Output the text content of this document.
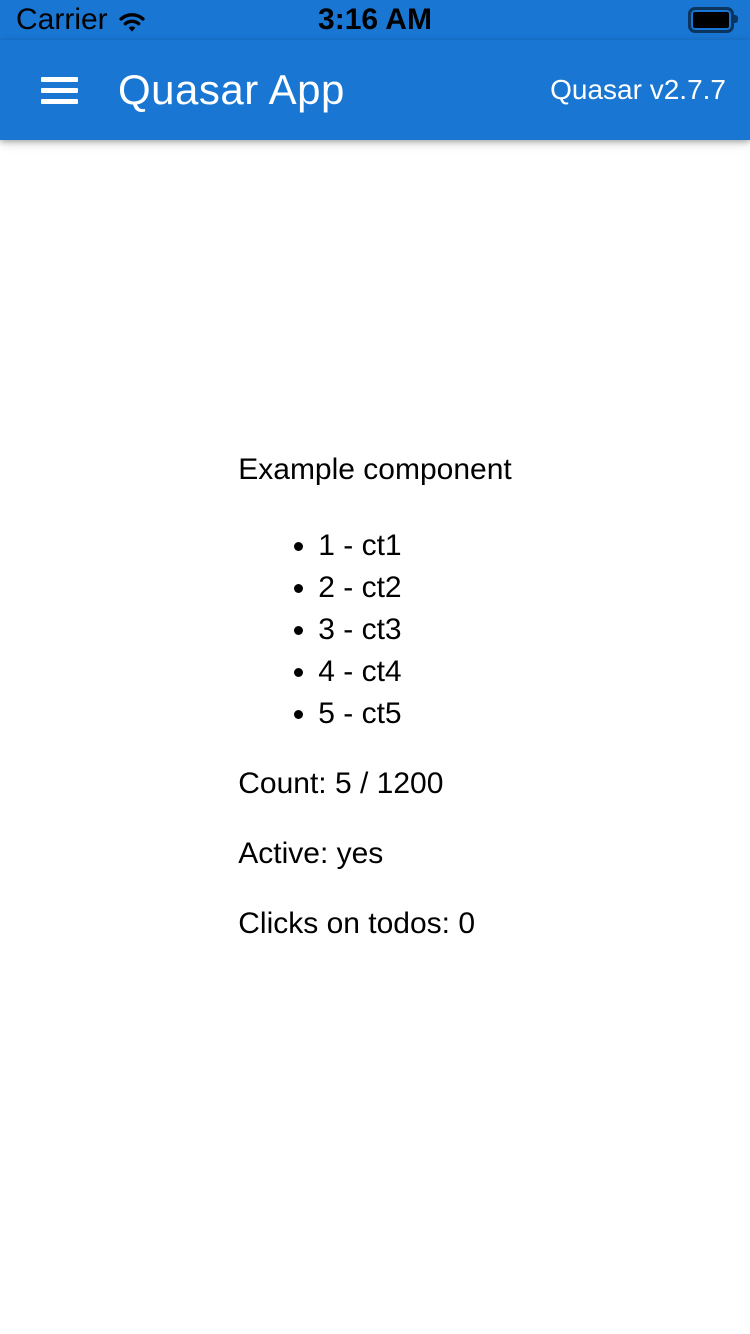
Carrier	3:16 AM
Quasar App	Quasar v2.7.7

Example component

• 1 - ct1
• 2 - ct2
• 3 - ct3
• 4 - ct4
• 5 - ct5

Count: 5 / 1200

Active: yes

Clicks on todos: 0
